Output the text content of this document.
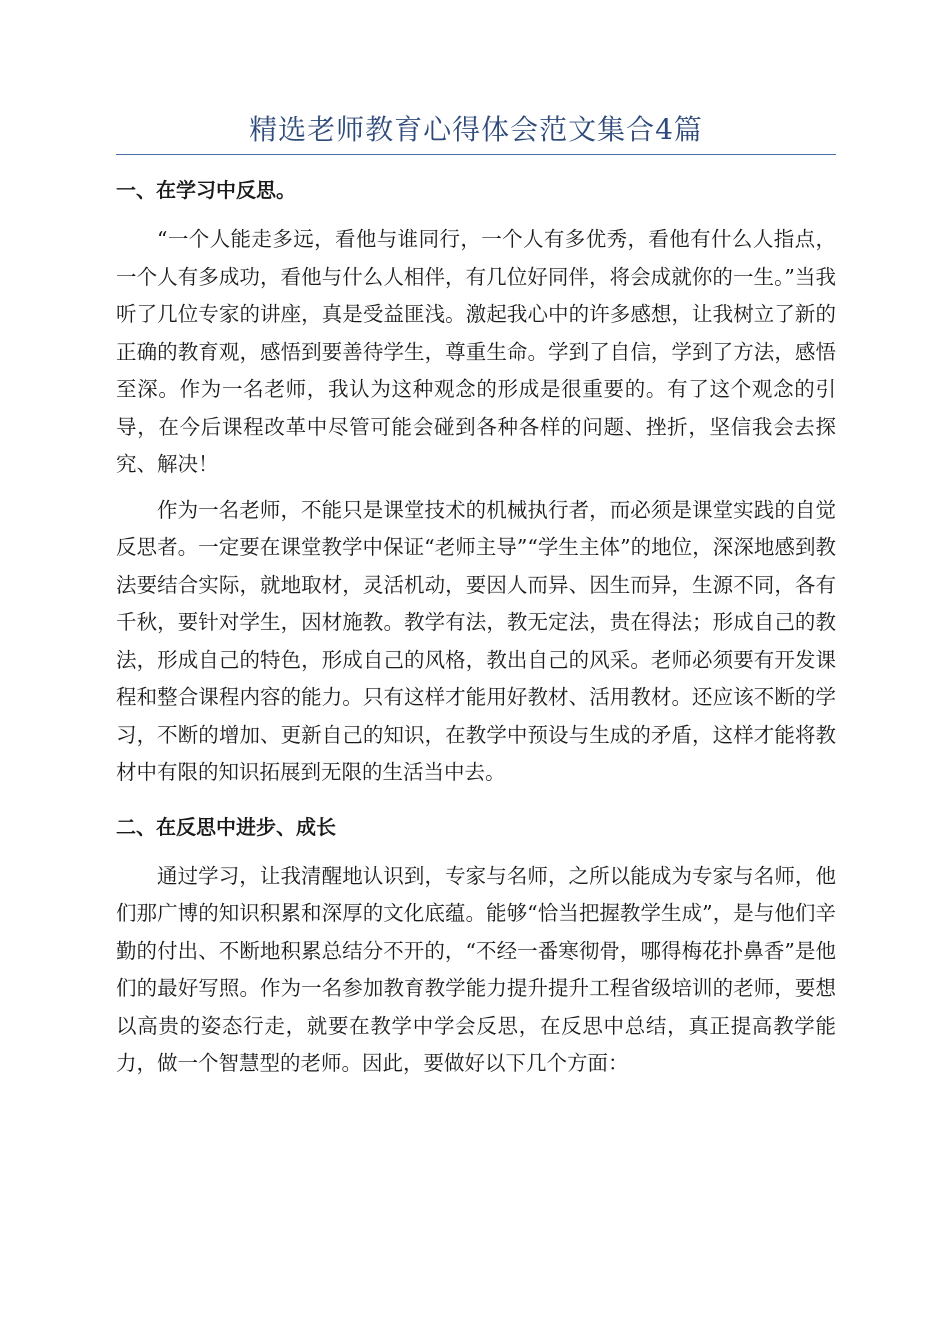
精选老师教育心得体会范文集合4篇
一、在学习中反思。

“一个人能走多远，看他与谁同行，一个人有多优秀，看他有什么人指点，一个人有多成功，看他与什么人相伴，有几位好同伴，将会成就你的一生。”当我听了几位专家的讲座，真是受益匪浅。激起我心中的许多感想，让我树立了新的正确的教育观，感悟到要善待学生，尊重生命。学到了自信，学到了方法，感悟至深。作为一名老师，我认为这种观念的形成是很重要的。有了这个观念的引导，在今后课程改革中尽管可能会碰到各种各样的问题、挫折，坚信我会去探究、解决！

作为一名老师，不能只是课堂技术的机械执行者，而必须是课堂实践的自觉反思者。一定要在课堂教学中保证“老师主导”“学生主体”的地位，深深地感到教法要结合实际，就地取材，灵活机动，要因人而异、因生而异，生源不同，各有千秋，要针对学生，因材施教。教学有法，教无定法，贵在得法；形成自己的教法，形成自己的特色，形成自己的风格，教出自己的风采。老师必须要有开发课程和整合课程内容的能力。只有这样才能用好教材、活用教材。还应该不断的学习，不断的增加、更新自己的知识，在教学中预设与生成的矛盾，这样才能将教材中有限的知识拓展到无限的生活当中去。

二、在反思中进步、成长

通过学习，让我清醒地认识到，专家与名师，之所以能成为专家与名师，他们那广博的知识积累和深厚的文化底蕴。能够“恰当把握教学生成”，是与他们辛勤的付出、不断地积累总结分不开的，“不经一番寒彻骨，哪得梅花扑鼻香”是他们的最好写照。作为一名参加教育教学能力提升提升工程省级培训的老师，要想以高贵的姿态行走，就要在教学中学会反思，在反思中总结，真正提高教学能力，做一个智慧型的老师。因此，要做好以下几个方面：
